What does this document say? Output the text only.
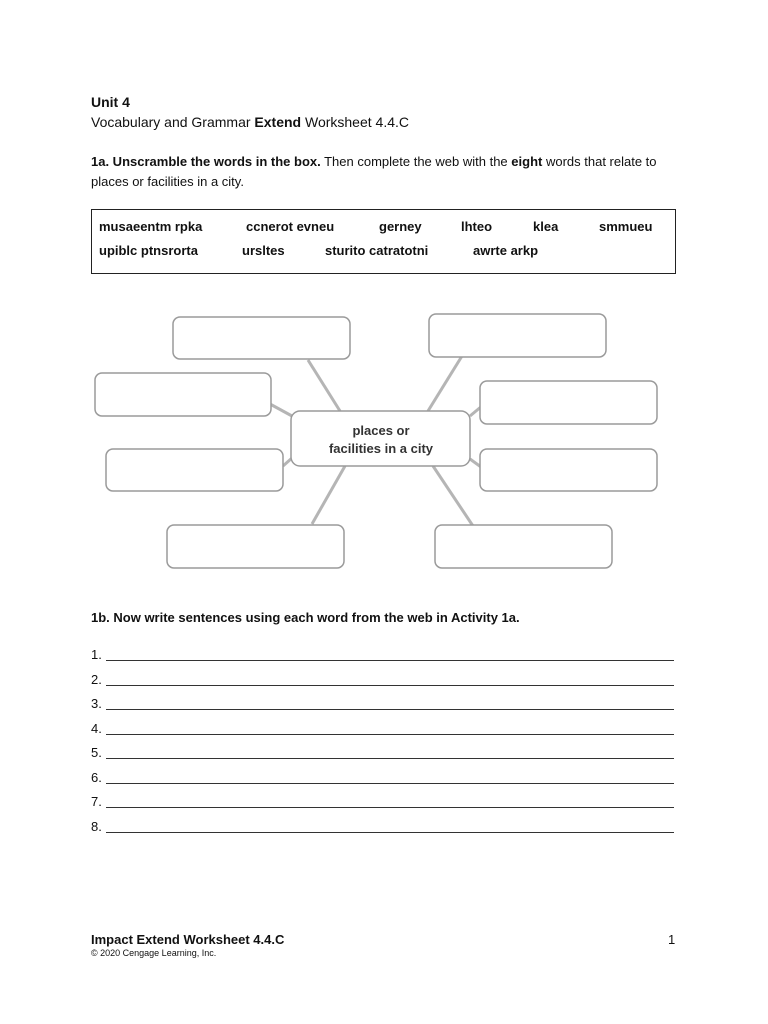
Unit 4
Vocabulary and Grammar Extend Worksheet 4.4.C
1a. Unscramble the words in the box. Then complete the web with the eight words that relate to places or facilities in a city.
musaeentm rpka	ccnerot evneu	gerney	lhteo	klea	smmueu
upiblc ptnsrorta	ursltes	sturito catratotni	awrte arkp
places or
facilities in a city
1b. Now write sentences using each word from the web in Activity 1a.
1.
2.
3.
4.
5.
6.
7.
8.
Impact Extend Worksheet 4.4.C
© 2020 Cengage Learning, Inc.
1
